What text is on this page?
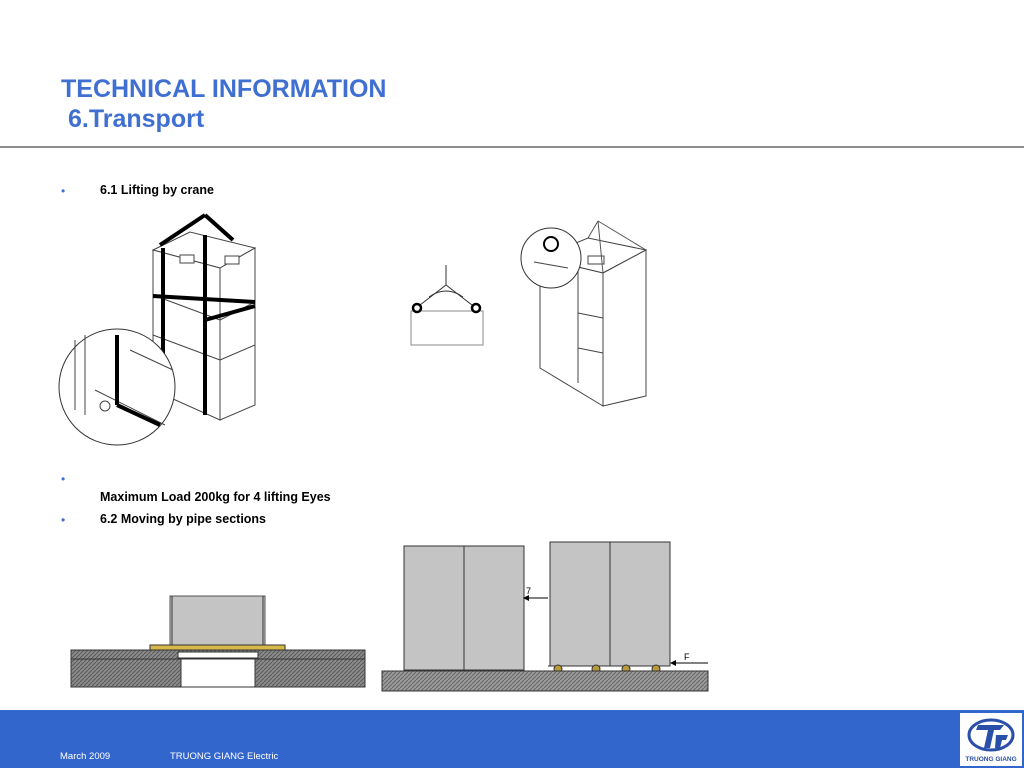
TECHNICAL INFORMATION
6.Transport
•	6.1 Lifting by crane
•
Maximum Load 200kg for 4 lifting Eyes
•	6.2 Moving by pipe sections
7
F
March 2009	TRUONG GIANG Electric	TRUONG GIANG
